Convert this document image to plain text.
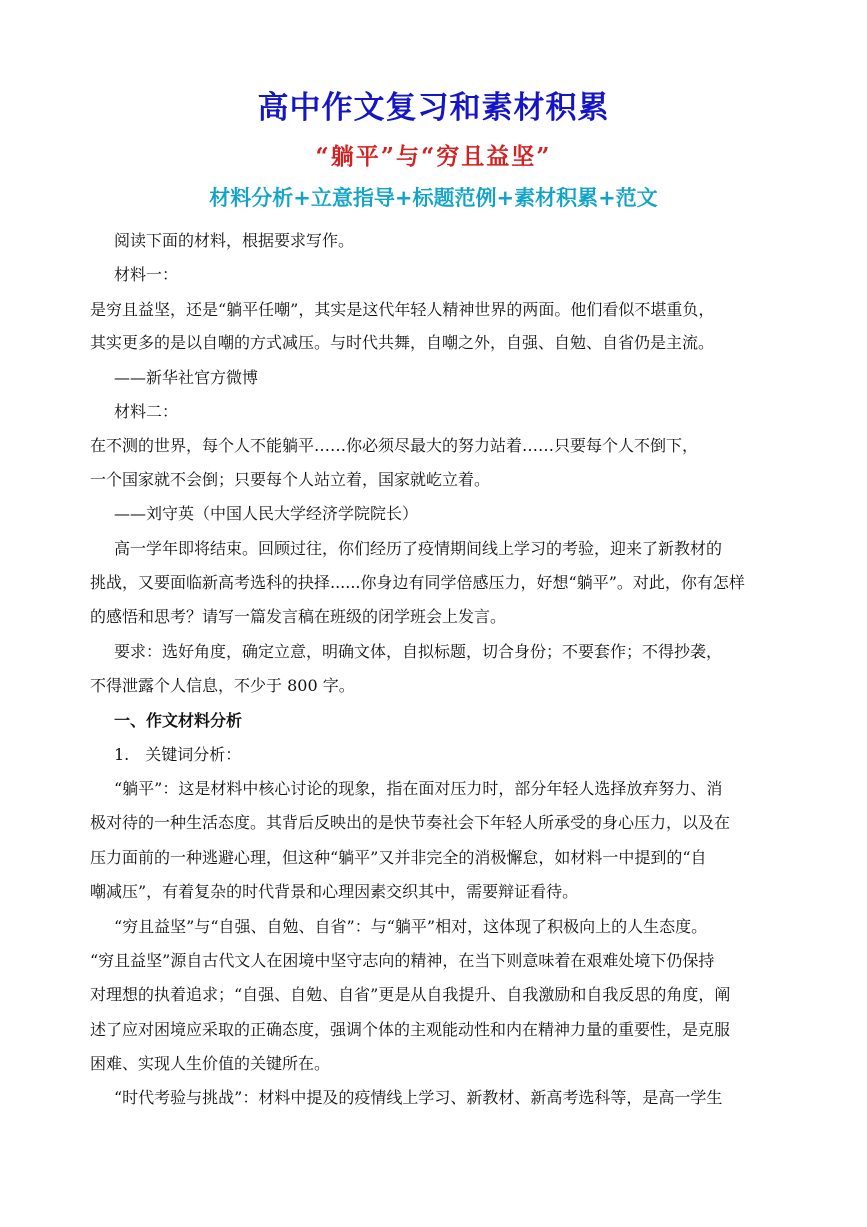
高中作文复习和素材积累
“躺平”与“穷且益坚”
材料分析+立意指导+标题范例+素材积累+范文
阅读下面的材料，根据要求写作。
材料一：
是穷且益坚，还是“躺平任嘲”，其实是这代年轻人精神世界的两面。他们看似不堪重负，
其实更多的是以自嘲的方式减压。与时代共舞，自嘲之外，自强、自勉、自省仍是主流。
——新华社官方微博
材料二：
在不测的世界，每个人不能躺平……你必须尽最大的努力站着……只要每个人不倒下，
一个国家就不会倒；只要每个人站立着，国家就屹立着。
——刘守英（中国人民大学经济学院院长）
高一学年即将结束。回顾过往，你们经历了疫情期间线上学习的考验，迎来了新教材的
挑战，又要面临新高考选科的抉择......你身边有同学倍感压力，好想“躺平”。对此，你有怎样
的感悟和思考？请写一篇发言稿在班级的闭学班会上发言。
要求：选好角度，确定立意，明确文体，自拟标题，切合身份；不要套作；不得抄袭，
不得泄露个人信息，不少于 800 字。
一、作文材料分析
1.　关键词分析：
“躺平”：这是材料中核心讨论的现象，指在面对压力时，部分年轻人选择放弃努力、消
极对待的一种生活态度。其背后反映出的是快节奏社会下年轻人所承受的身心压力，以及在
压力面前的一种逃避心理，但这种“躺平”又并非完全的消极懈怠，如材料一中提到的“自
嘲减压”，有着复杂的时代背景和心理因素交织其中，需要辩证看待。
“穷且益坚”与“自强、自勉、自省”：与“躺平”相对，这体现了积极向上的人生态度。
“穷且益坚”源自古代文人在困境中坚守志向的精神，在当下则意味着在艰难处境下仍保持
对理想的执着追求；“自强、自勉、自省”更是从自我提升、自我激励和自我反思的角度，阐
述了应对困境应采取的正确态度，强调个体的主观能动性和内在精神力量的重要性，是克服
困难、实现人生价值的关键所在。
“时代考验与挑战”：材料中提及的疫情线上学习、新教材、新高考选科等，是高一学生
